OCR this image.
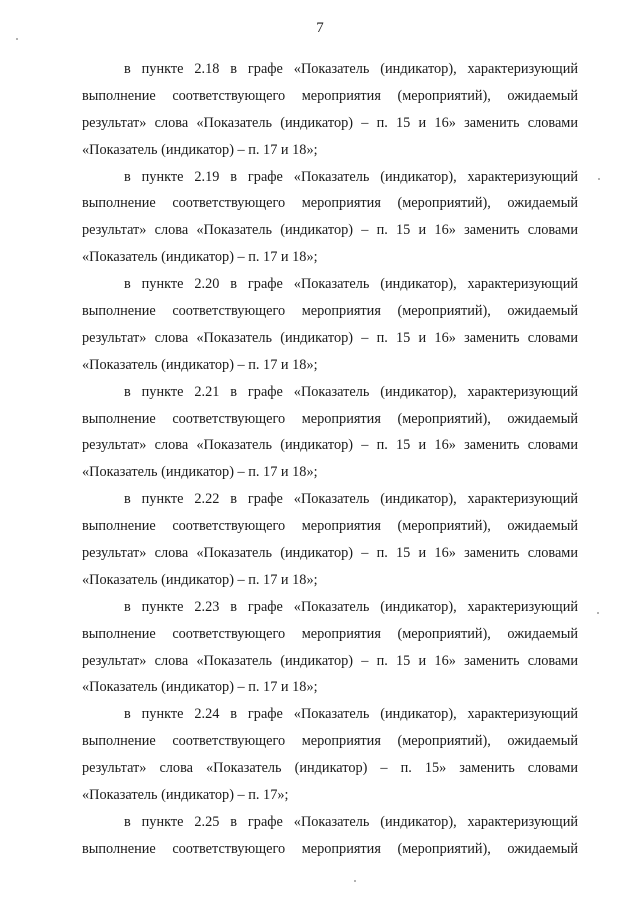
7
в пункте 2.18 в графе «Показатель (индикатор), характеризующий
выполнение соответствующего мероприятия (мероприятий), ожидаемый
результат» слова «Показатель (индикатор) – п. 15 и 16» заменить словами
«Показатель (индикатор) – п. 17 и 18»;
в пункте 2.19 в графе «Показатель (индикатор), характеризующий
выполнение соответствующего мероприятия (мероприятий), ожидаемый
результат» слова «Показатель (индикатор) – п. 15 и 16» заменить словами
«Показатель (индикатор) – п. 17 и 18»;
в пункте 2.20 в графе «Показатель (индикатор), характеризующий
выполнение соответствующего мероприятия (мероприятий), ожидаемый
результат» слова «Показатель (индикатор) – п. 15 и 16» заменить словами
«Показатель (индикатор) – п. 17 и 18»;
в пункте 2.21 в графе «Показатель (индикатор), характеризующий
выполнение соответствующего мероприятия (мероприятий), ожидаемый
результат» слова «Показатель (индикатор) – п. 15 и 16» заменить словами
«Показатель (индикатор) – п. 17 и 18»;
в пункте 2.22 в графе «Показатель (индикатор), характеризующий
выполнение соответствующего мероприятия (мероприятий), ожидаемый
результат» слова «Показатель (индикатор) – п. 15 и 16» заменить словами
«Показатель (индикатор) – п. 17 и 18»;
в пункте 2.23 в графе «Показатель (индикатор), характеризующий
выполнение соответствующего мероприятия (мероприятий), ожидаемый
результат» слова «Показатель (индикатор) – п. 15 и 16» заменить словами
«Показатель (индикатор) – п. 17 и 18»;
в пункте 2.24 в графе «Показатель (индикатор), характеризующий
выполнение соответствующего мероприятия (мероприятий), ожидаемый
результат» слова «Показатель (индикатор) – п. 15» заменить словами
«Показатель (индикатор) – п. 17»;
в пункте 2.25 в графе «Показатель (индикатор), характеризующий
выполнение соответствующего мероприятия (мероприятий), ожидаемый
